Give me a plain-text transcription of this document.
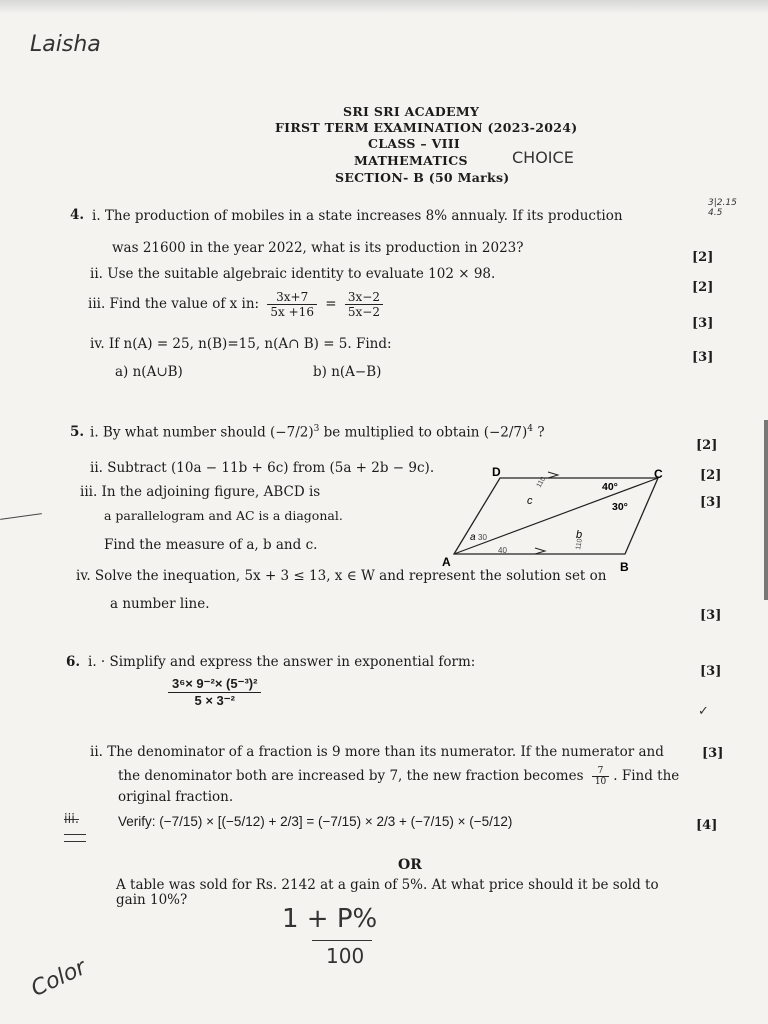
Laisha
SRI SRI ACADEMY
FIRST TERM EXAMINATION (2023-2024)
CLASS – VIII
MATHEMATICS	CHOICE
SECTION- B (50 Marks)
3|2.15 4.5
4. i. The production of mobiles in a state increases 8% annualy. If its production
was 21600 in the year 2022, what is its production in 2023?
[2]
ii. Use the suitable algebraic identity to evaluate 102 × 98.
[2]
iii. Find the value of x in: $\frac{3x+7}{5x +16} = \frac{3x-2}{5x-2}$
[3]
iv. If n(A) = 25, n(B)=15, n(A∩ B) = 5. Find:
[3]
a) n(A∪B)	b) n(A−B)
5. i. By what number should $(-7/2)^3$ be multiplied to obtain $(-2/7)^4$ ?
[2]
ii. Subtract (10a − 11b + 6c) from (5a + 2b − 9c).	[2]
iii. In the adjoining figure, ABCD is
[3]
a parallelogram and AC is a diagonal.
Find the measure of a, b and c.
D	C
A	B
40°
30°
c
b
a 30
40
110
110
iv. Solve the inequation, 5x + 3 ≤ 13, x ∈ W and represent the solution set on
a number line.
[3]
6. i. · Simplify and express the answer in exponential form:
[3]
$\frac{\text{3⁶× 9⁻²× (5⁻³)²}}{\text{5 × 3⁻²}}$
✓
ii. The denominator of a fraction is 9 more than its numerator. If the numerator and	[3]
the denominator both are increased by 7, the new fraction becomes $\frac{7}{10}$ . Find the
original fraction.
iii.	Verify: (−7/15) × [(−5/12) + 2/3] = (−7/15) × 2/3 + (−7/15) × (−5/12)	[4]
OR
A table was sold for Rs. 2142 at a gain of 5%. At what price should it be sold to
gain 10%?
1 + P%
100
Color
